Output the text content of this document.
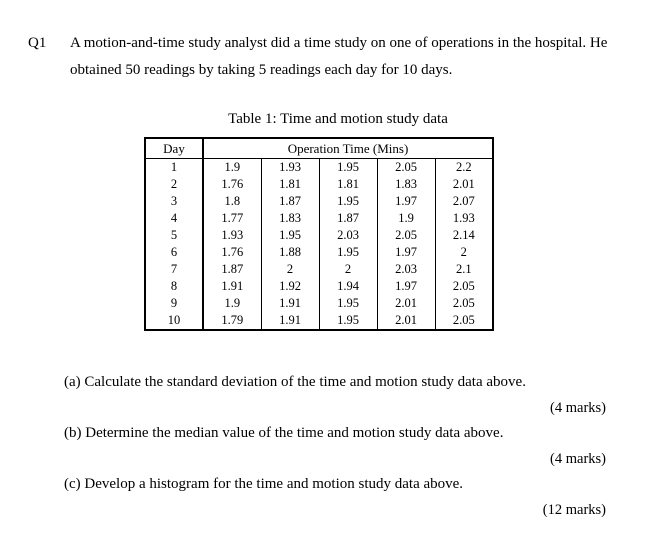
Q1 A motion-and-time study analyst did a time study on one of operations in the hospital. He
obtained 50 readings by taking 5 readings each day for 10 days.
Table 1: Time and motion study data
Day	Operation Time (Mins)				
1	1.9	1.93	1.95	2.05	2.2
2	1.76	1.81	1.81	1.83	2.01
3	1.8	1.87	1.95	1.97	2.07
4	1.77	1.83	1.87	1.9	1.93
5	1.93	1.95	2.03	2.05	2.14
6	1.76	1.88	1.95	1.97	2
7	1.87	2	2	2.03	2.1
8	1.91	1.92	1.94	1.97	2.05
9	1.9	1.91	1.95	2.01	2.05
10	1.79	1.91	1.95	2.01	2.05
(a) Calculate the standard deviation of the time and motion study data above.
(4 marks)
(b) Determine the median value of the time and motion study data above.
(4 marks)
(c) Develop a histogram for the time and motion study data above.
(12 marks)
